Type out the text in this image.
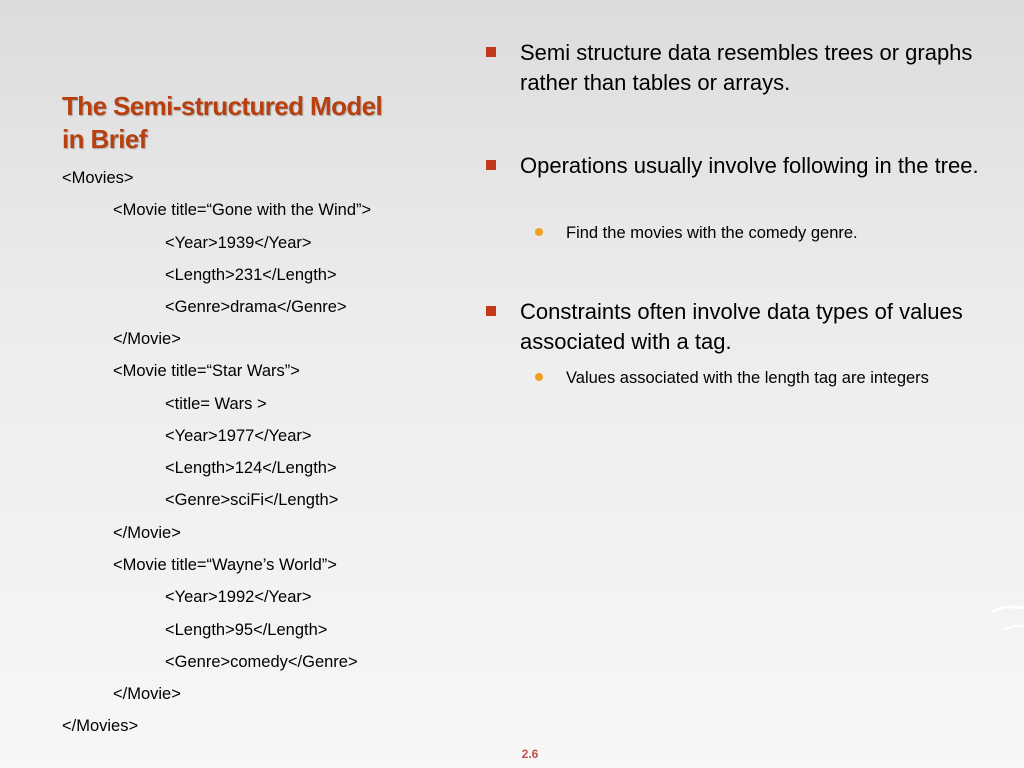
The Semi-structured Model
in Brief
<Movies>
<Movie title=“Gone with the Wind”>
<Year>1939</Year>
<Length>231</Length>
<Genre>drama</Genre>
</Movie>
<Movie title=“Star Wars”>
<title= Wars >
<Year>1977</Year>
<Length>124</Length>
<Genre>sciFi</Length>
</Movie>
<Movie title=“Wayne’s World”>
<Year>1992</Year>
<Length>95</Length>
<Genre>comedy</Genre>
</Movie>
</Movies>
Semi structure data resembles trees or graphs rather than tables or arrays.
Operations usually involve following in the tree.
Find the movies with the comedy genre.
Constraints often involve data types of values associated with a tag.
Values associated with the length tag are integers
2.6
